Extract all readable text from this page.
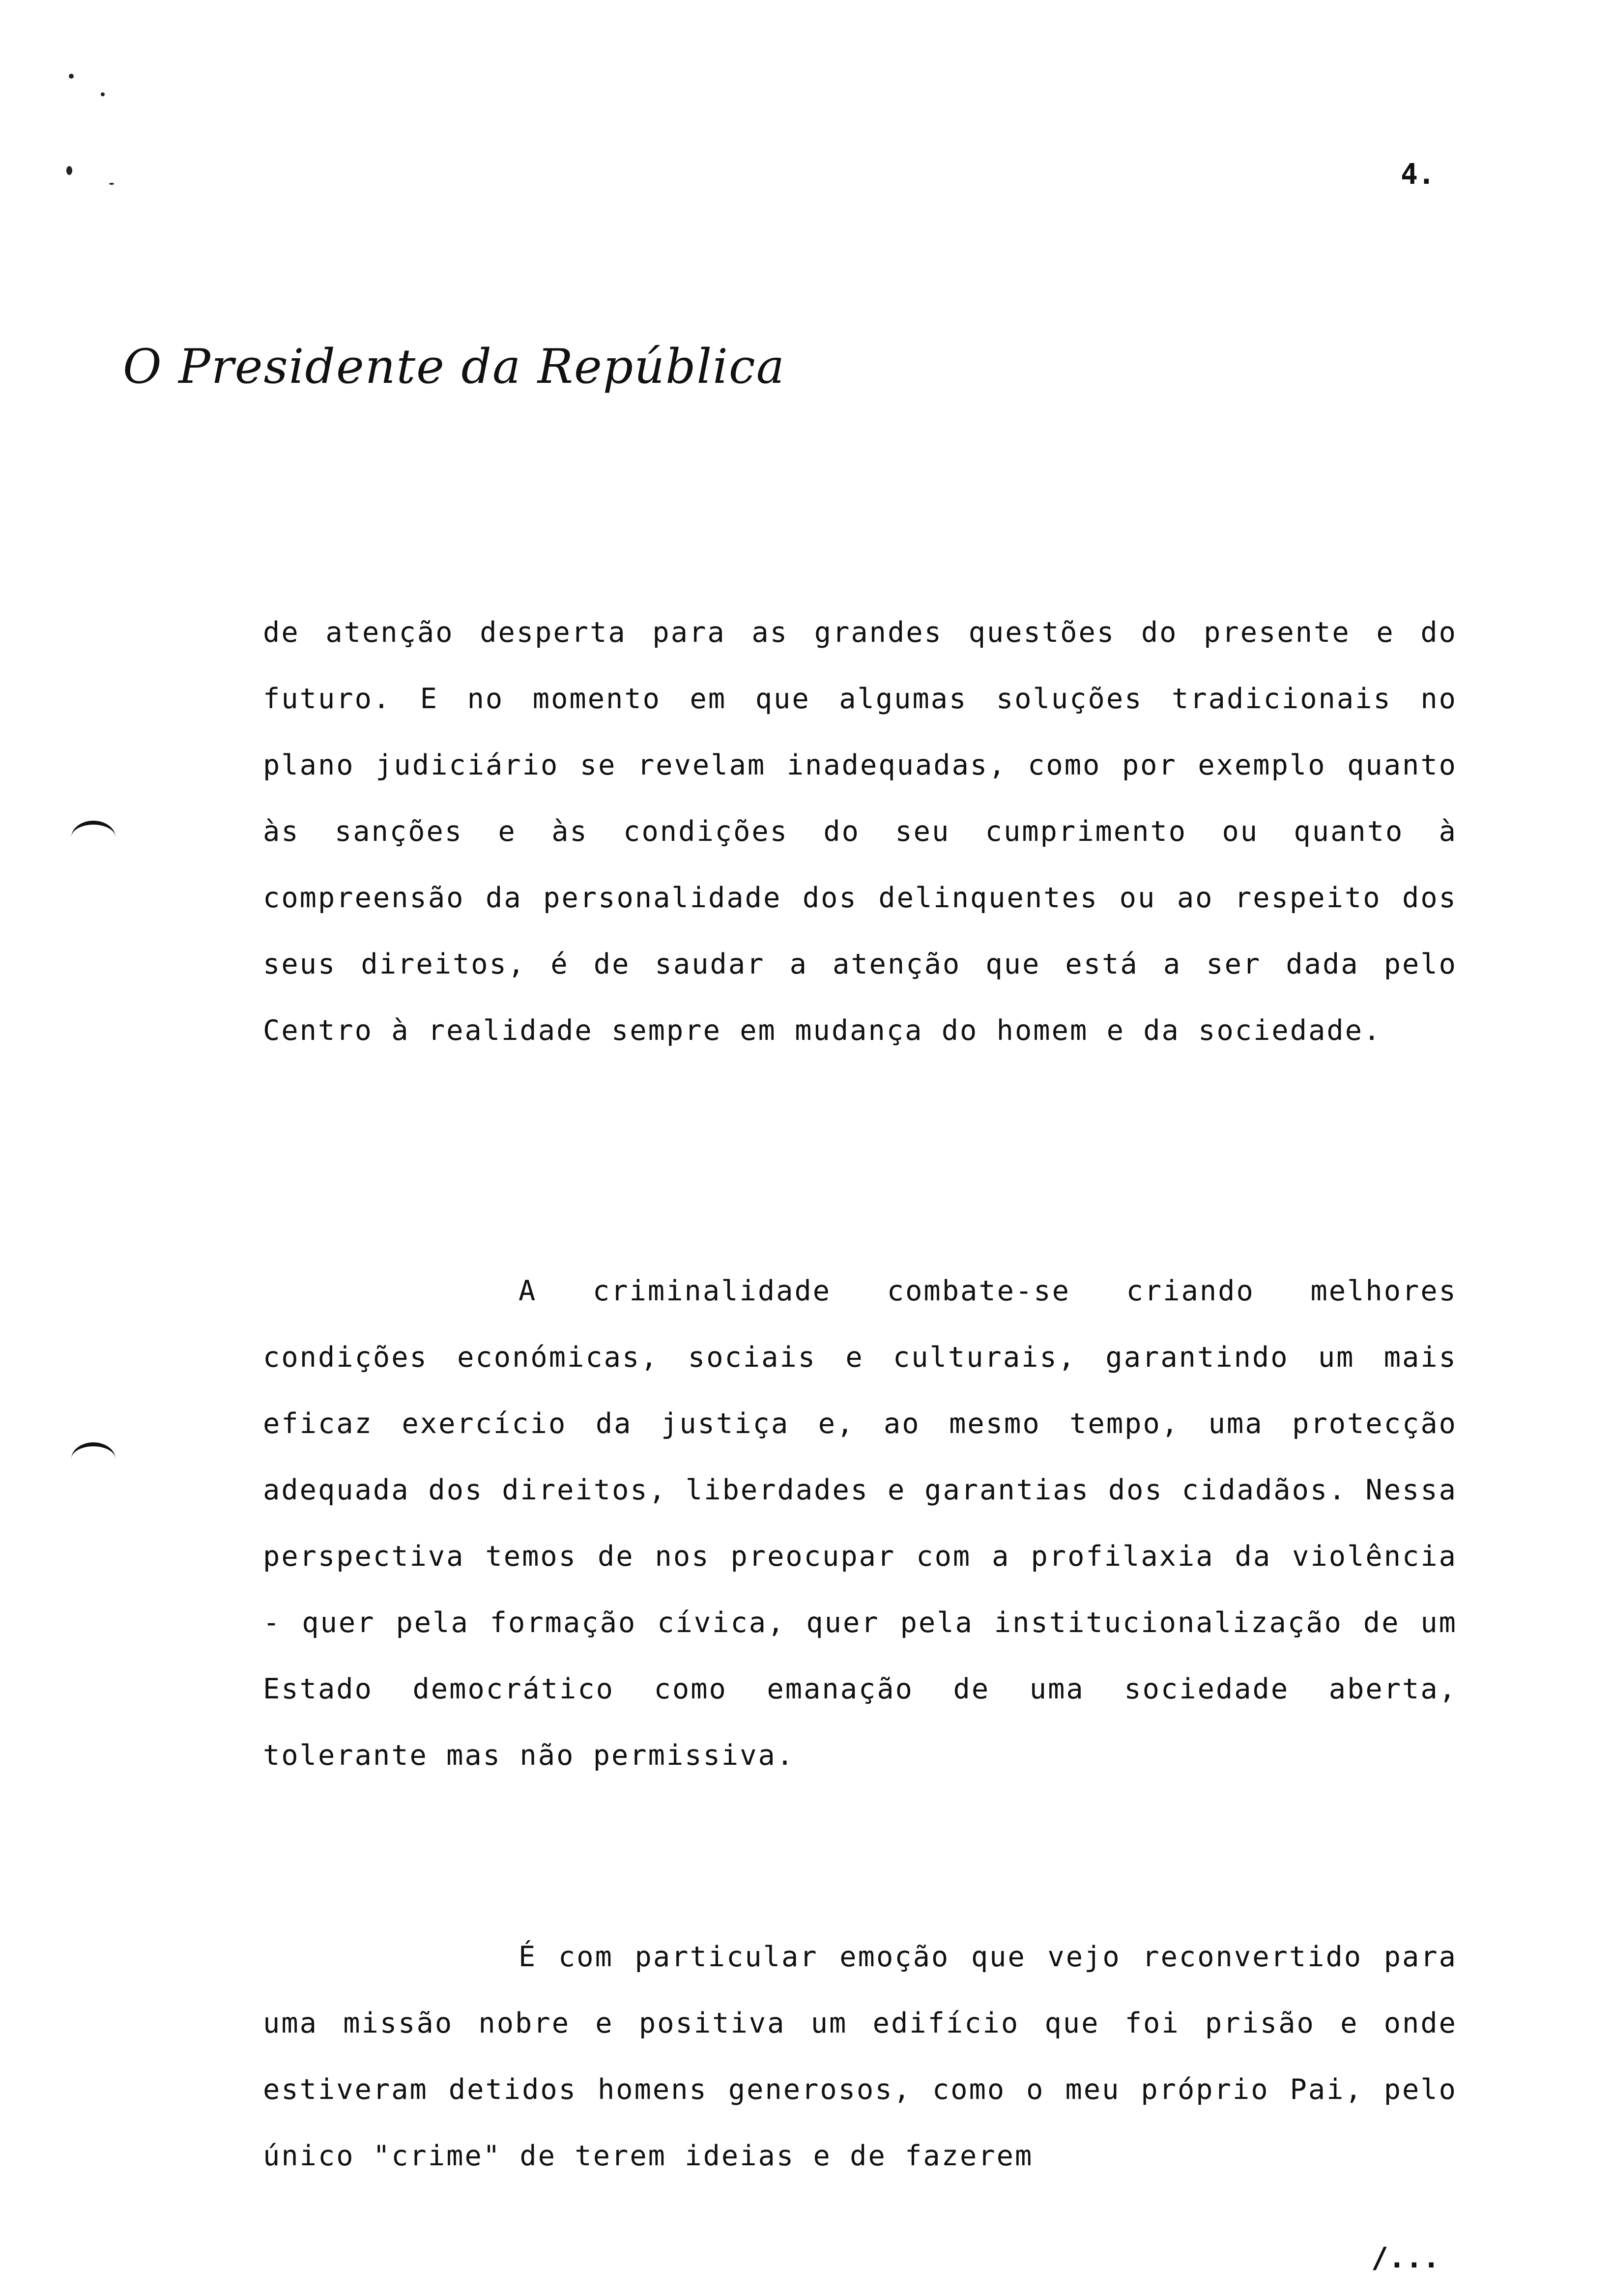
4.
O Presidente da República
de atenção desperta para as grandes questões do presente e do futuro. E no momento em que algumas soluções tradicionais no plano judiciário se revelam inadequadas, como por exemplo quanto às sanções e às condições do seu cumprimento ou quanto à compreensão da personalidade dos delinquentes ou ao respeito dos seus direitos, é de saudar a atenção que está a ser dada pelo Centro à realidade sempre em mudança do homem e da sociedade.
A criminalidade combate-se criando melhores condições económicas, sociais e culturais, garantindo um mais eficaz exercício da justiça e, ao mesmo tempo, uma protecção adequada dos direitos, liberdades e garantias dos cidadãos. Nessa perspectiva temos de nos preocupar com a profilaxia da violência - quer pela formação cívica, quer pela institucionalização de um Estado democrático como emanação de uma sociedade aberta, tolerante mas não permissiva.
É com particular emoção que vejo reconvertido para uma missão nobre e positiva um edifício que foi prisão e onde estiveram detidos homens generosos, como o meu próprio Pai, pelo único "crime" de terem ideias e de fazerem
/...
